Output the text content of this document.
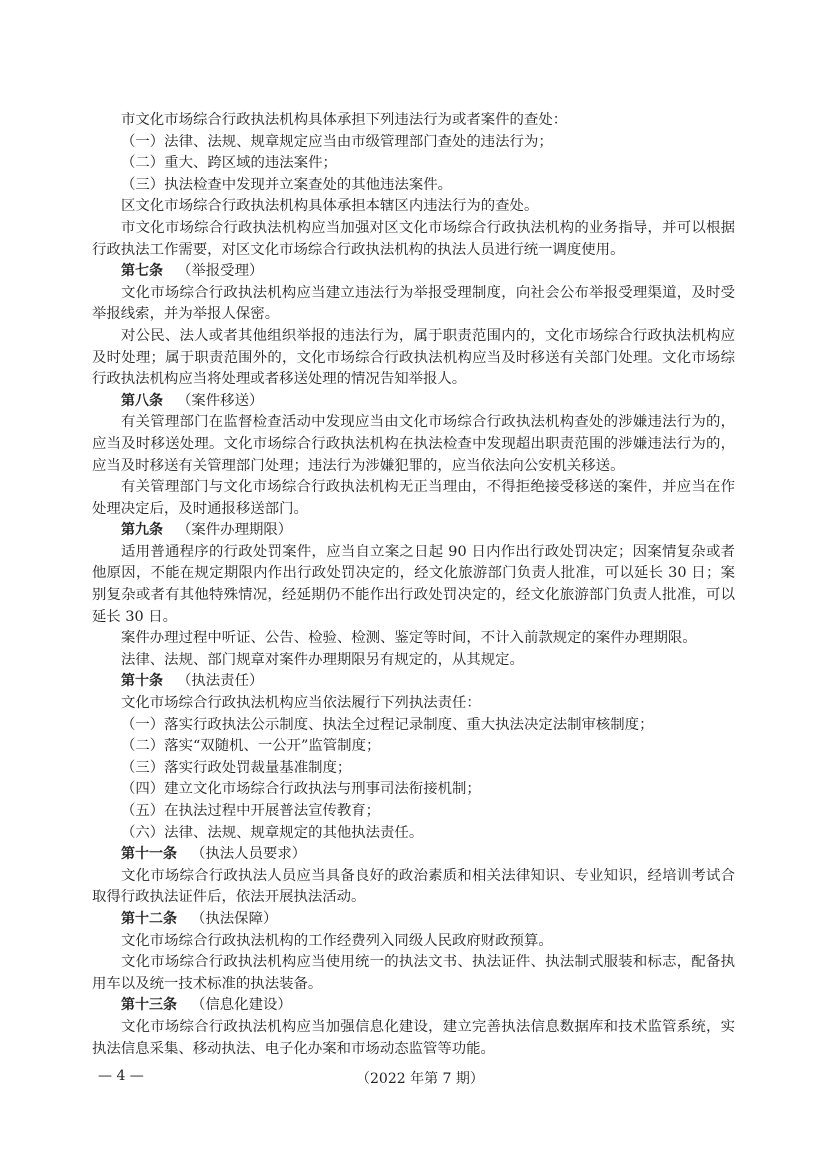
市文化市场综合行政执法机构具体承担下列违法行为或者案件的查处：
（一）法律、法规、规章规定应当由市级管理部门查处的违法行为；
（二）重大、跨区域的违法案件；
（三）执法检查中发现并立案查处的其他违法案件。
区文化市场综合行政执法机构具体承担本辖区内违法行为的查处。
市文化市场综合行政执法机构应当加强对区文化市场综合行政执法机构的业务指导，并可以根据
行政执法工作需要，对区文化市场综合行政执法机构的执法人员进行统一调度使用。
第七条 （举报受理）
文化市场综合行政执法机构应当建立违法行为举报受理制度，向社会公布举报受理渠道，及时受
举报线索，并为举报人保密。
对公民、法人或者其他组织举报的违法行为，属于职责范围内的，文化市场综合行政执法机构应
及时处理；属于职责范围外的，文化市场综合行政执法机构应当及时移送有关部门处理。文化市场综
行政执法机构应当将处理或者移送处理的情况告知举报人。
第八条 （案件移送）
有关管理部门在监督检查活动中发现应当由文化市场综合行政执法机构查处的涉嫌违法行为的，
应当及时移送处理。文化市场综合行政执法机构在执法检查中发现超出职责范围的涉嫌违法行为的，
应当及时移送有关管理部门处理；违法行为涉嫌犯罪的，应当依法向公安机关移送。
有关管理部门与文化市场综合行政执法机构无正当理由，不得拒绝接受移送的案件，并应当在作
处理决定后，及时通报移送部门。
第九条 （案件办理期限）
适用普通程序的行政处罚案件，应当自立案之日起 90 日内作出行政处罚决定；因案情复杂或者
他原因，不能在规定期限内作出行政处罚决定的，经文化旅游部门负责人批准，可以延长 30 日；案
别复杂或者有其他特殊情况，经延期仍不能作出行政处罚决定的，经文化旅游部门负责人批准，可以
延长 30 日。
案件办理过程中听证、公告、检验、检测、鉴定等时间，不计入前款规定的案件办理期限。
法律、法规、部门规章对案件办理期限另有规定的，从其规定。
第十条 （执法责任）
文化市场综合行政执法机构应当依法履行下列执法责任：
（一）落实行政执法公示制度、执法全过程记录制度、重大执法决定法制审核制度；
（二）落实“双随机、一公开”监管制度；
（三）落实行政处罚裁量基准制度；
（四）建立文化市场综合行政执法与刑事司法衔接机制；
（五）在执法过程中开展普法宣传教育；
（六）法律、法规、规章规定的其他执法责任。
第十一条 （执法人员要求）
文化市场综合行政执法人员应当具备良好的政治素质和相关法律知识、专业知识，经培训考试合
取得行政执法证件后，依法开展执法活动。
第十二条 （执法保障）
文化市场综合行政执法机构的工作经费列入同级人民政府财政预算。
文化市场综合行政执法机构应当使用统一的执法文书、执法证件、执法制式服装和标志，配备执
用车以及统一技术标准的执法装备。
第十三条 （信息化建设）
文化市场综合行政执法机构应当加强信息化建设，建立完善执法信息数据库和技术监管系统，实
执法信息采集、移动执法、电子化办案和市场动态监管等功能。
— 4 —	（2022 年第 7 期）
